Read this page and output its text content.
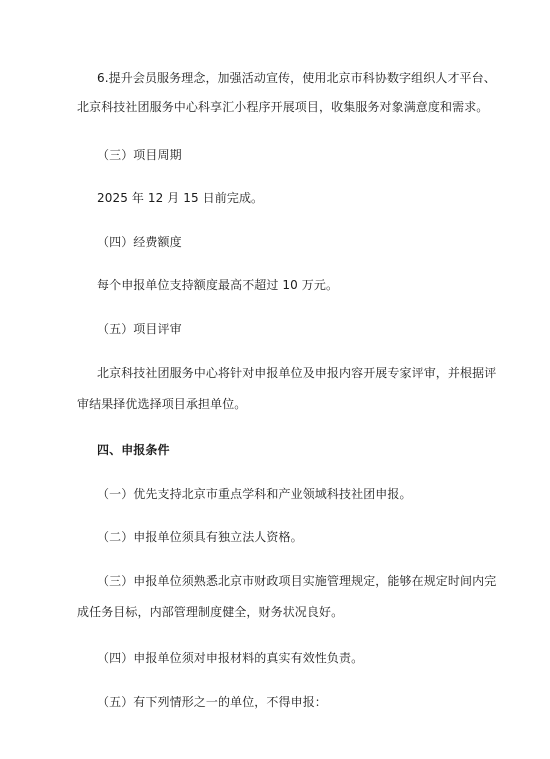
6.提升会员服务理念，加强活动宣传，使用北京市科协数字组织人才平台、
北京科技社团服务中心科享汇小程序开展项目，收集服务对象满意度和需求。
（三）项目周期
2025 年 12 月 15 日前完成。
（四）经费额度
每个申报单位支持额度最高不超过 10 万元。
（五）项目评审
北京科技社团服务中心将针对申报单位及申报内容开展专家评审，并根据评
审结果择优选择项目承担单位。
四、申报条件
（一）优先支持北京市重点学科和产业领域科技社团申报。
（二）申报单位须具有独立法人资格。
（三）申报单位须熟悉北京市财政项目实施管理规定，能够在规定时间内完
成任务目标，内部管理制度健全，财务状况良好。
（四）申报单位须对申报材料的真实有效性负责。
（五）有下列情形之一的单位，不得申报：
